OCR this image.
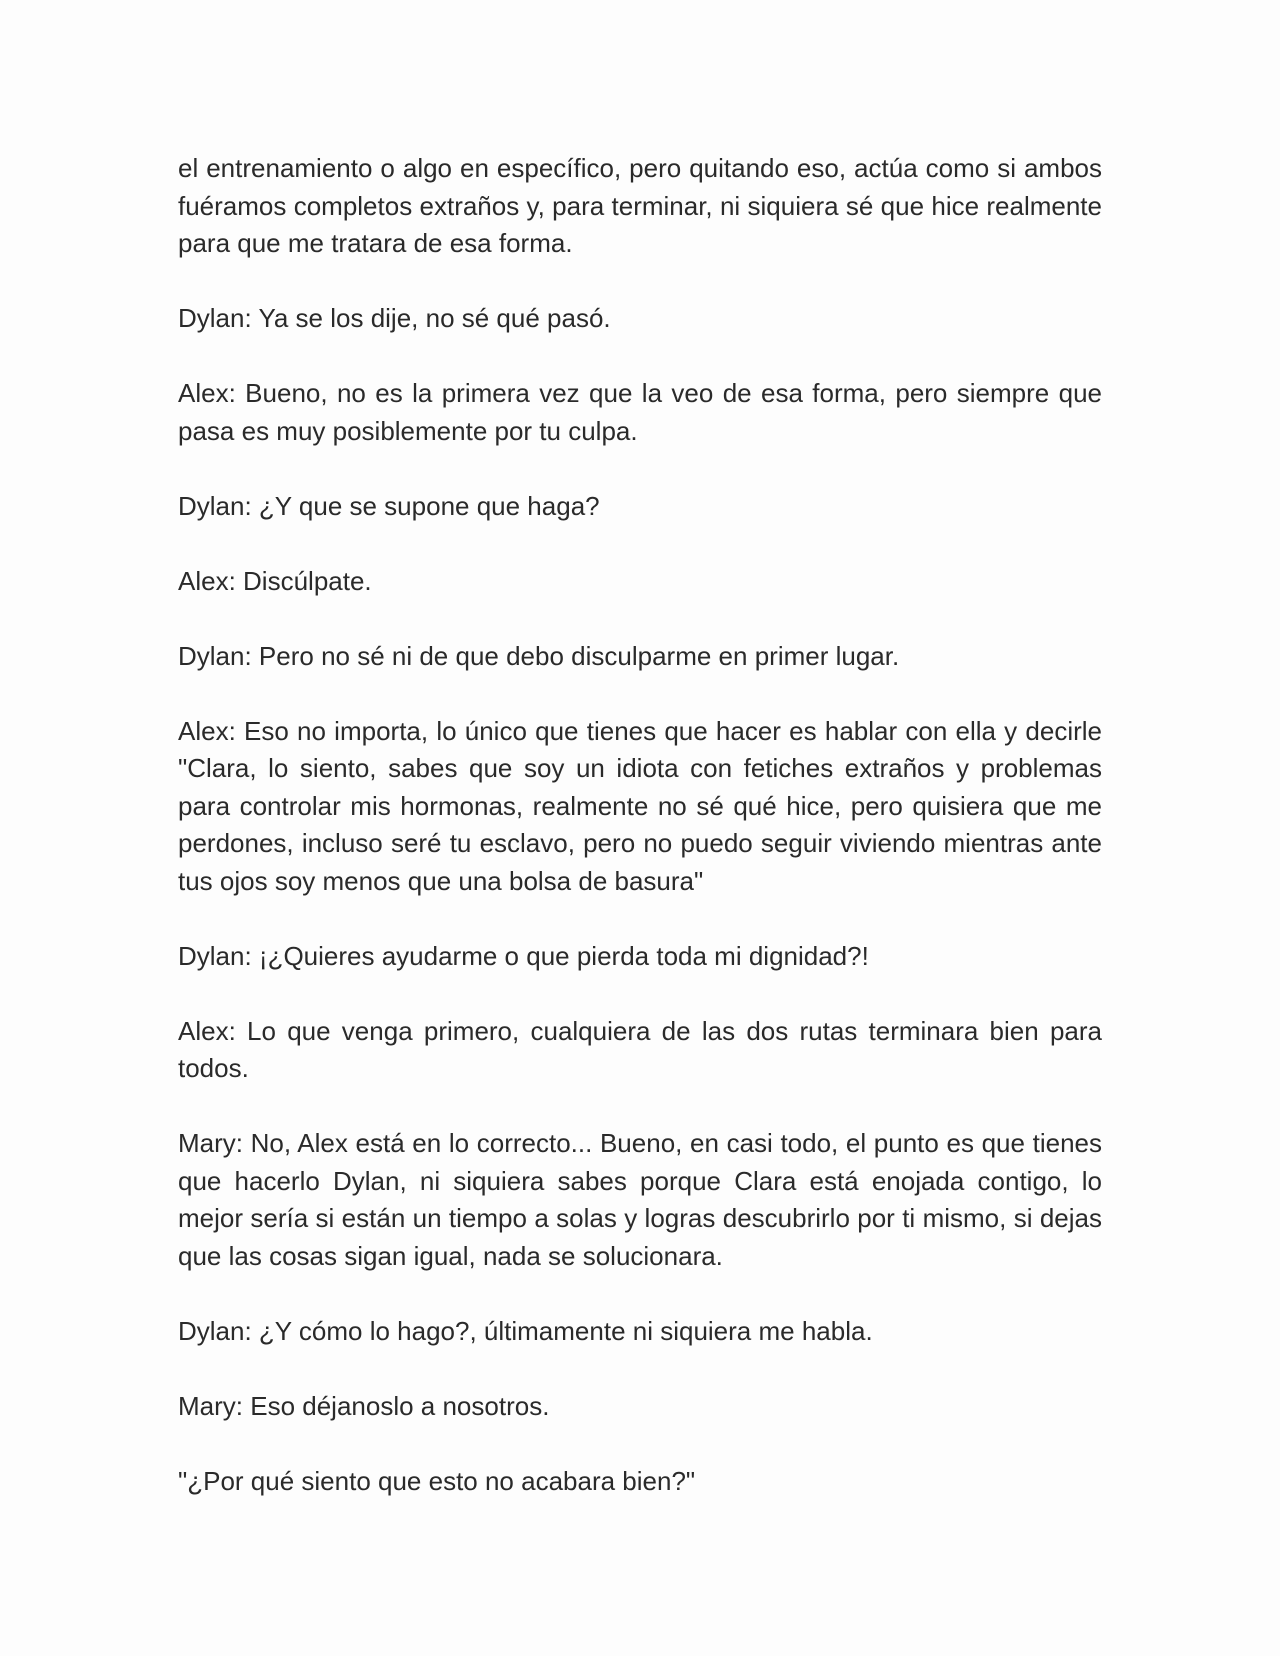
el entrenamiento o algo en específico, pero quitando eso, actúa como si ambos fuéramos completos extraños y, para terminar, ni siquiera sé que hice realmente para que me tratara de esa forma.

Dylan: Ya se los dije, no sé qué pasó.

Alex: Bueno, no es la primera vez que la veo de esa forma, pero siempre que pasa es muy posiblemente por tu culpa.

Dylan: ¿Y que se supone que haga?

Alex: Discúlpate.

Dylan: Pero no sé ni de que debo disculparme en primer lugar.

Alex: Eso no importa, lo único que tienes que hacer es hablar con ella y decirle "Clara, lo siento, sabes que soy un idiota con fetiches extraños y problemas para controlar mis hormonas, realmente no sé qué hice, pero quisiera que me perdones, incluso seré tu esclavo, pero no puedo seguir viviendo mientras ante tus ojos soy menos que una bolsa de basura"

Dylan: ¡¿Quieres ayudarme o que pierda toda mi dignidad?!

Alex: Lo que venga primero, cualquiera de las dos rutas terminara bien para todos.

Mary: No, Alex está en lo correcto... Bueno, en casi todo, el punto es que tienes que hacerlo Dylan, ni siquiera sabes porque Clara está enojada contigo, lo mejor sería si están un tiempo a solas y logras descubrirlo por ti mismo, si dejas que las cosas sigan igual, nada se solucionara.

Dylan: ¿Y cómo lo hago?, últimamente ni siquiera me habla.

Mary: Eso déjanoslo a nosotros.

"¿Por qué siento que esto no acabara bien?"
